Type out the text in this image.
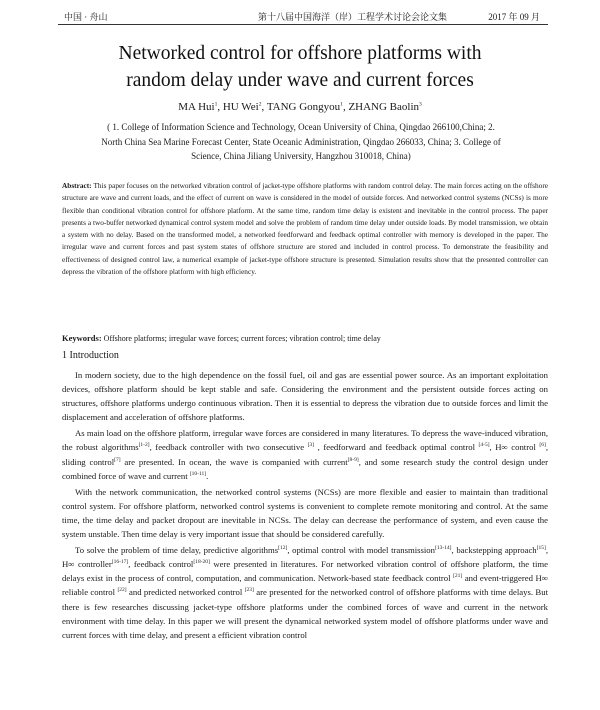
中国 · 舟山	第十八届中国海洋（岸）工程学术讨论会论文集	2017 年 09 月
Networked control for offshore platforms with
random delay under wave and current forces
MA Hui$^1$, HU Wei$^2$, TANG Gongyou$^1$, ZHANG Baolin$^3$
( 1. College of Information Science and Technology, Ocean University of China, Qingdao 266100,China; 2.
North China Sea Marine Forecast Center, State Oceanic Administration, Qingdao 266033, China; 3. College of
Science, China Jiliang University, Hangzhou 310018, China)
Abstract: This paper focuses on the networked vibration control of jacket-type offshore platforms with random control delay. The main forces acting on the offshore structure are wave and current loads, and the effect of current on wave is considered in the model of outside forces. And networked control systems (NCSs) is more flexible than conditional vibration control for offshore platform. At the same time, random time delay is existent and inevitable in the control process. The paper presents a two-buffer networked dynamical control system model and solve the problem of random time delay under outside loads. By model transmission, we obtain a system with no delay. Based on the transformed model, a networked feedforward and feedback optimal controller with memory is developed in the paper. The irregular wave and current forces and past system states of offshore structure are stored and included in control process. To demonstrate the feasibility and effectiveness of designed control law, a numerical example of jacket-type offshore structure is presented. Simulation results show that the presented controller can depress the vibration of the offshore platform with high efficiency.
Keywords: Offshore platforms; irregular wave forces; current forces; vibration control; time delay
1 Introduction

In modern society, due to the high dependence on the fossil fuel, oil and gas are essential power source. As an important exploitation devices, offshore platform should be kept stable and safe. Considering the environment and the persistent outside forces acting on structures, offshore platforms undergo continuous vibration. Then it is essential to depress the vibration due to outside forces and limit the displacement and acceleration of offshore platforms.

As main load on the offshore platform, irregular wave forces are considered in many literatures. To depress the wave-induced vibration, the robust algorithms[1-2], feedback controller with two consecutive [3] , feedforward and feedback optimal control [4-5], H∞ control [6], sliding control[7] are presented. In ocean, the wave is companied with current[8-9], and some research study the control design under combined force of wave and current [10-11].

With the network communication, the networked control systems (NCSs) are more flexible and easier to maintain than traditional control system. For offshore platform, networked control systems is convenient to complete remote monitoring and control. At the same time, the time delay and packet dropout are inevitable in NCSs. The delay can decrease the performance of system, and even cause the system unstable. Then time delay is very important issue that should be considered carefully.

To solve the problem of time delay, predictive algorithms[12], optimal control with model transmission[13-14], backstepping approach[15], H∞ controller[16-17], feedback control[18-20] were presented in literatures. For networked vibration control of offshore platform, the time delays exist in the process of control, computation, and communication. Network-based state feedback control [21] and event-triggered H∞ reliable control [22] and predicted networked control [23] are presented for the networked control of offshore platforms with time delays. But there is few researches discussing jacket-type offshore platforms under the combined forces of wave and current in the network environment with time delay. In this paper we will present the dynamical networked system model of offshore platforms under wave and current forces with time delay, and present a efficient vibration control
